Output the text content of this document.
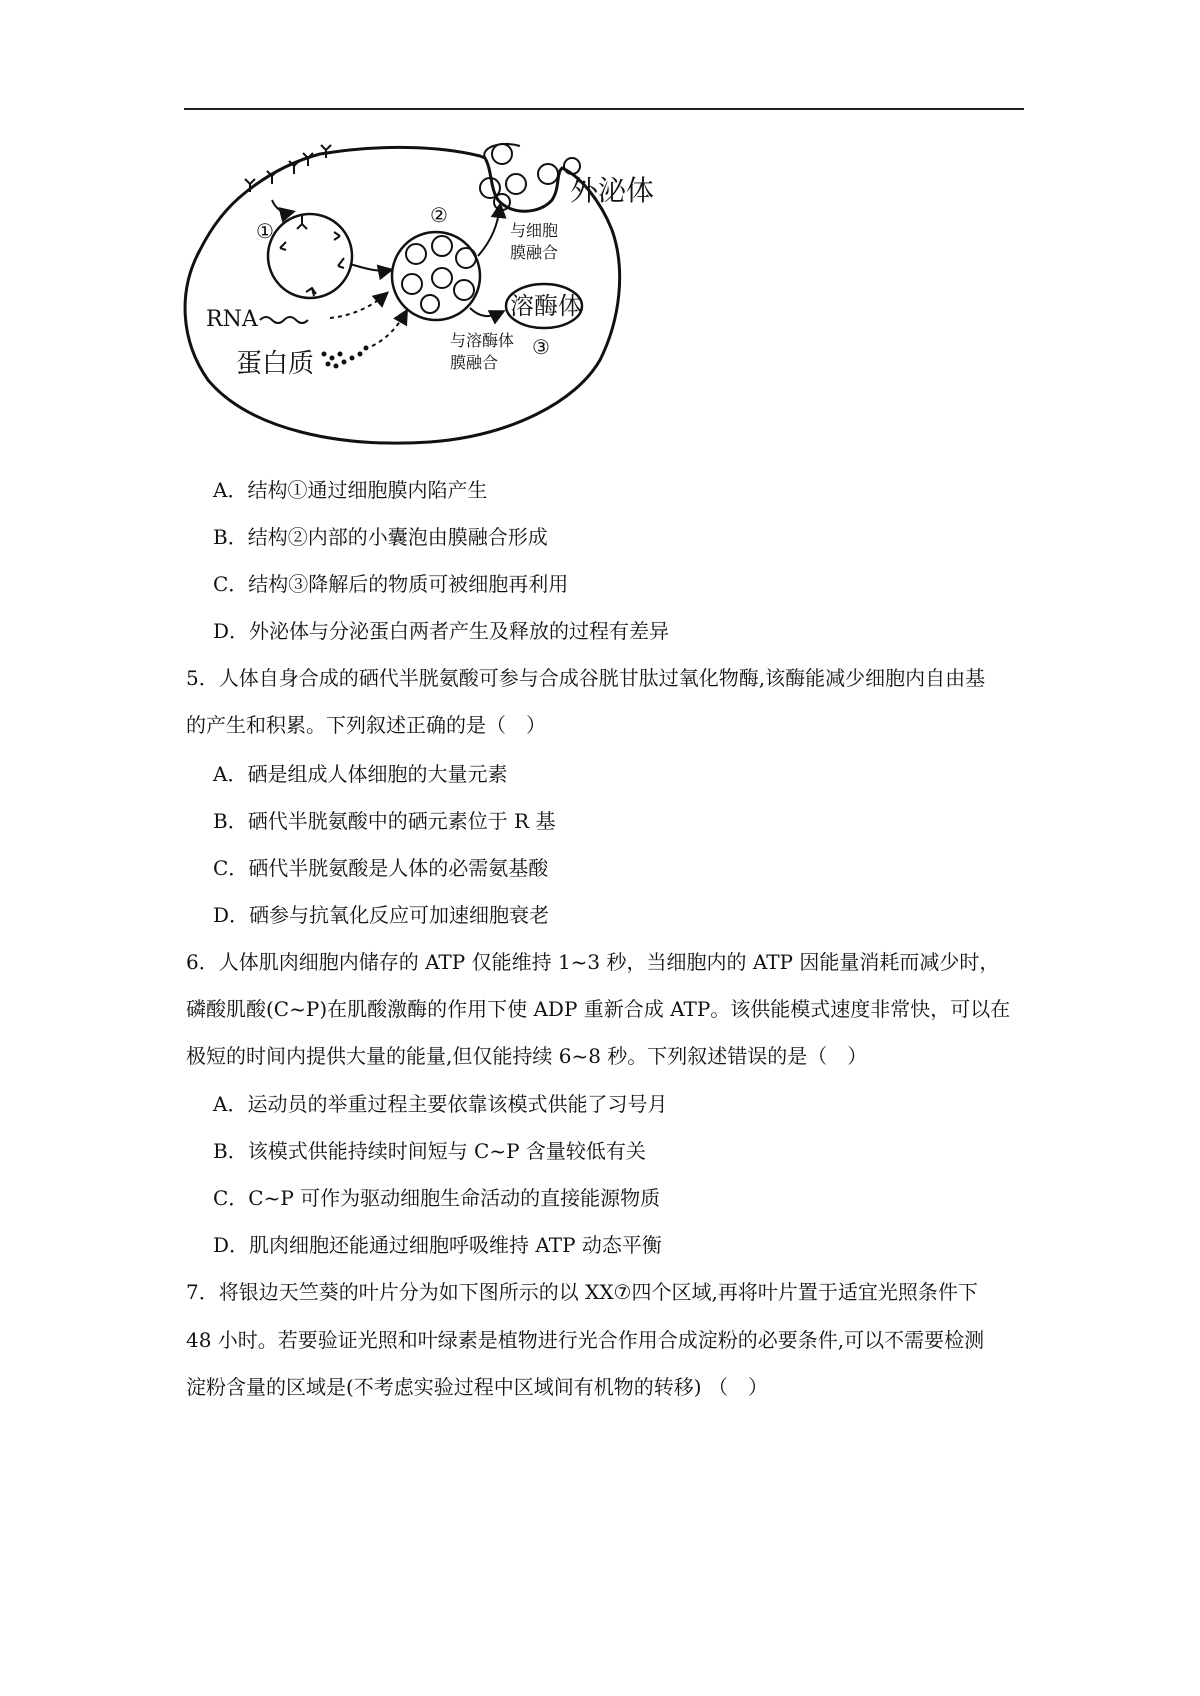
①
②
外泌体
与细胞
膜融合
溶酶体
与溶酶体
膜融合
③
RNA
蛋白质
A．结构①通过细胞膜内陷产生
B．结构②内部的小囊泡由膜融合形成
C．结构③降解后的物质可被细胞再利用
D．外泌体与分泌蛋白两者产生及释放的过程有差异
5．人体自身合成的硒代半胱氨酸可参与合成谷胱甘肽过氧化物酶,该酶能减少细胞内自由基
的产生和积累。下列叙述正确的是（　）
A．硒是组成人体细胞的大量元素
B．硒代半胱氨酸中的硒元素位于 R 基
C．硒代半胱氨酸是人体的必需氨基酸
D．硒参与抗氧化反应可加速细胞衰老
6．人体肌肉细胞内储存的 ATP 仅能维持 1~3 秒，当细胞内的 ATP 因能量消耗而减少时，
磷酸肌酸(C~P)在肌酸激酶的作用下使 ADP 重新合成 ATP。该供能模式速度非常快，可以在
极短的时间内提供大量的能量,但仅能持续 6~8 秒。下列叙述错误的是（　）
A．运动员的举重过程主要依靠该模式供能了习号月
B．该模式供能持续时间短与 C~P 含量较低有关
C．C~P 可作为驱动细胞生命活动的直接能源物质
D．肌肉细胞还能通过细胞呼吸维持 ATP 动态平衡
7．将银边天竺葵的叶片分为如下图所示的以 XX⑦四个区域,再将叶片置于适宜光照条件下
48 小时。若要验证光照和叶绿素是植物进行光合作用合成淀粉的必要条件,可以不需要检测
淀粉含量的区域是(不考虑实验过程中区域间有机物的转移) （　）
